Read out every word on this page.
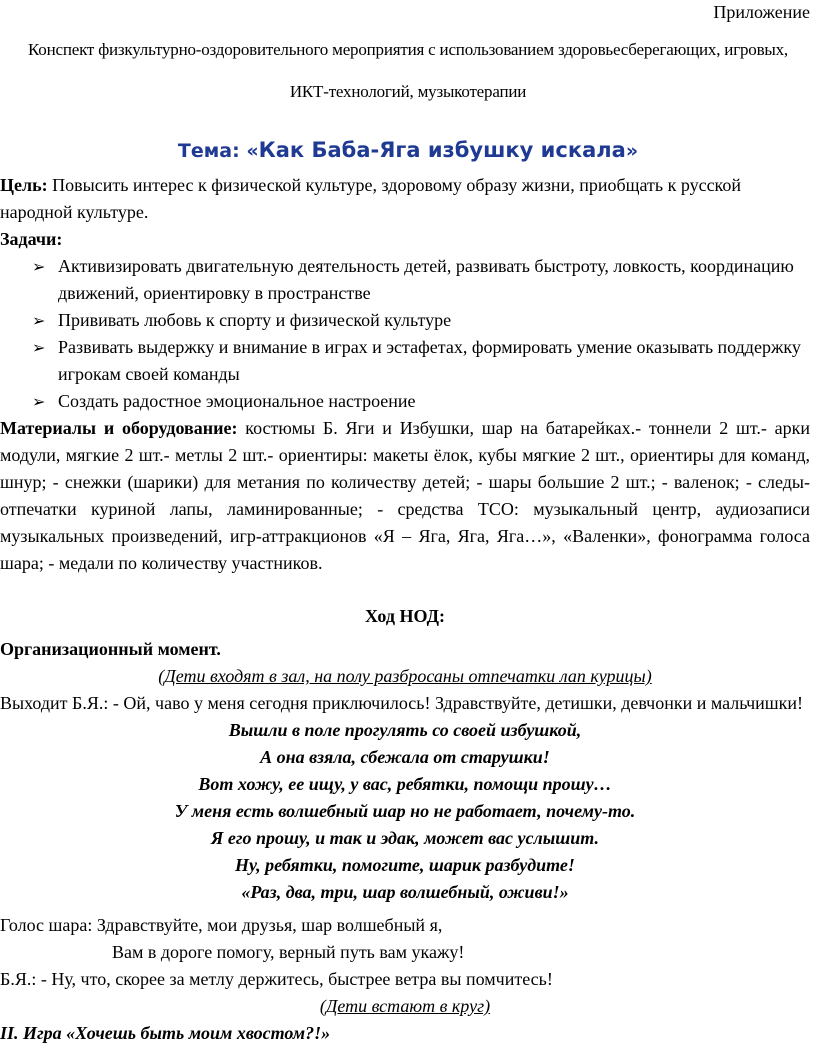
Приложение
Конспект физкультурно-оздоровительного мероприятия с использованием здоровьесберегающих, игровых,
ИКТ-технологий, музыкотерапии
Тема: «Как Баба-Яга избушку искала»

Цель: Повысить интерес к физической культуре, здоровому образу жизни, приобщать к русской народной культуре.

Задачи:

➢ Активизировать двигательную деятельность детей, развивать быстроту, ловкость, координацию движений, ориентировку в пространстве
➢ Прививать любовь к спорту и физической культуре
➢ Развивать выдержку и внимание в играх и эстафетах, формировать умение оказывать поддержку игрокам своей команды
➢ Создать радостное эмоциональное настроение

Материалы и оборудование: костюмы Б. Яги и Избушки, шар на батарейках.- тоннели 2 шт.- арки модули, мягкие 2 шт.- метлы 2 шт.- ориентиры: макеты ёлок, кубы мягкие 2 шт., ориентиры для команд, шнур; - снежки (шарики) для метания по количеству детей; - шары большие 2 шт.; - валенок; - следы-отпечатки куриной лапы, ламинированные; - средства ТСО: музыкальный центр, аудиозаписи музыкальных произведений, игр-аттракционов «Я – Яга, Яга, Яга…», «Валенки», фонограмма голоса шара; - медали по количеству участников.

Ход НОД:

Организационный момент.

(Дети входят в зал, на полу разбросаны отпечатки лап курицы)

Выходит Б.Я.: - Ой, чаво у меня сегодня приключилось! Здравствуйте, детишки, девчонки и мальчишки!

Вышли в поле прогулять со своей избушкой,

А она взяла, сбежала от старушки!

Вот хожу, ее ищу, у вас, ребятки, помощи прошу…

У меня есть волшебный шар но не работает, почему-то.

Я его прошу, и так и эдак, может вас услышит.

Ну, ребятки, помогите, шарик разбудите!

«Раз, два, три, шар волшебный, оживи!»

Голос шара: Здравствуйте, мои друзья, шар волшебный я,

Вам в дороге помогу, верный путь вам укажу!

Б.Я.: - Ну, что, скорее за метлу держитесь, быстрее ветра вы помчитесь!

(Дети встают в круг)

II. Игра «Хочешь быть моим хвостом?!»
